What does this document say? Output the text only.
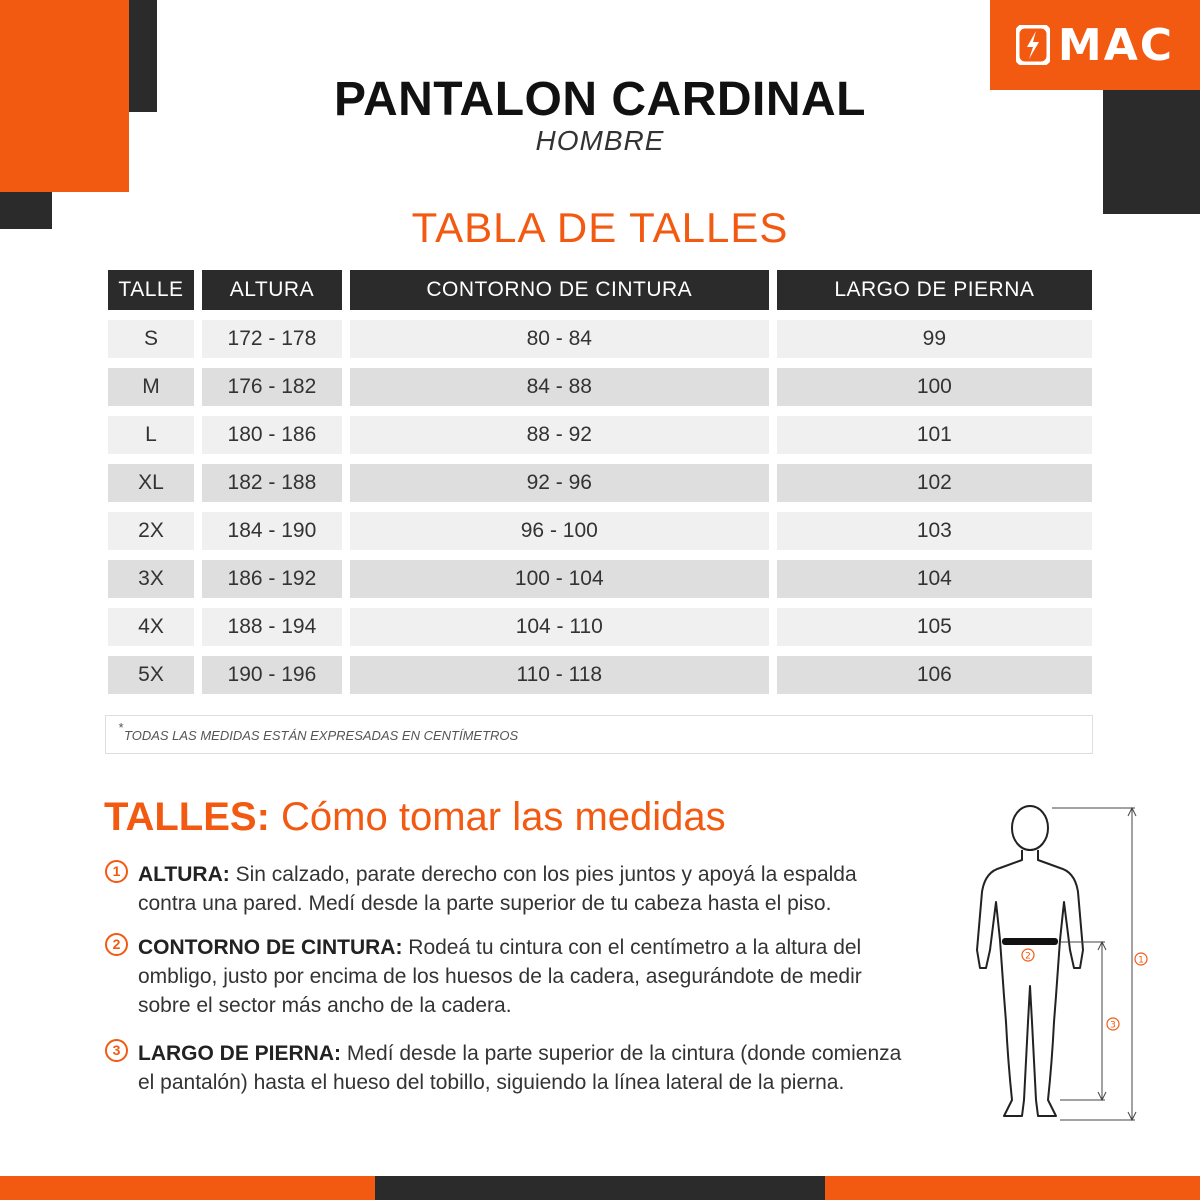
MAC
PANTALON CARDINAL
HOMBRE
TABLA DE TALLES
TALLE	ALTURA	CONTORNO DE CINTURA	LARGO DE PIERNA
S	172 - 178	80 - 84	99
M	176 - 182	84 - 88	100
L	180 - 186	88 - 92	101
XL	182 - 188	92 - 96	102
2X	184 - 190	96 - 100	103
3X	186 - 192	100 - 104	104
4X	188 - 194	104 - 110	105
5X	190 - 196	110 - 118	106
*
TODAS LAS MEDIDAS ESTÁN EXPRESADAS EN CENTÍMETROS
TALLES: Cómo tomar las medidas
1 ALTURA: Sin calzado, parate derecho con los pies juntos y apoyá la espalda contra una pared. Medí desde la parte superior de tu cabeza hasta el piso.
2 CONTORNO DE CINTURA: Rodeá tu cintura con el centímetro a la altura del ombligo, justo por encima de los huesos de la cadera, asegurándote de medir sobre el sector más ancho de la cadera.
3 LARGO DE PIERNA: Medí desde la parte superior de la cintura (donde comienza el pantalón) hasta el hueso del tobillo, siguiendo la línea lateral de la pierna.
2
3
1
